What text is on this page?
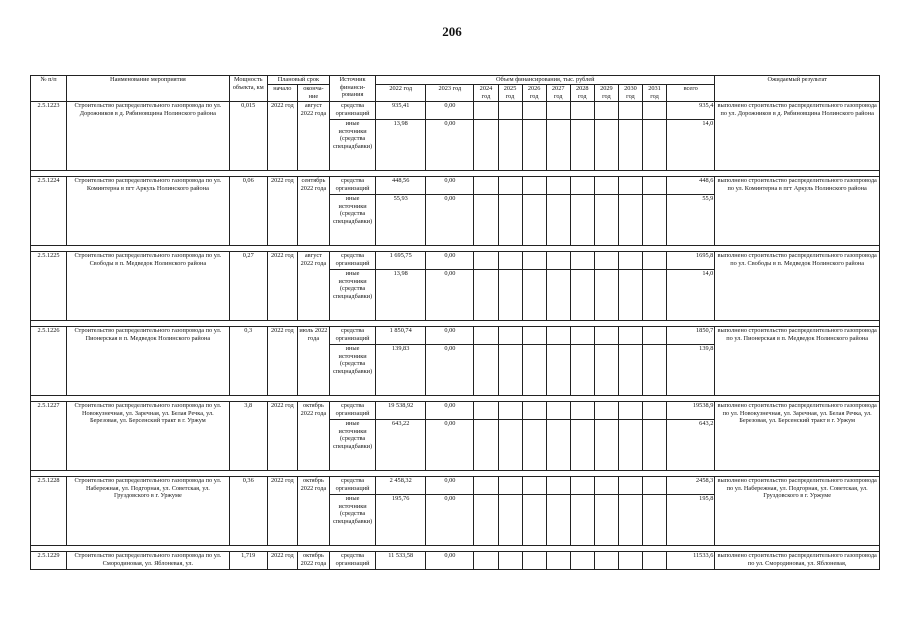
206
№ п/п	Наименование мероприятия	Мощность объекта, км	Плановый срок		Источник финанси-рования	Объем финансирования, тыс. рублей											Ожидаемый результат
			начало	оконча-ние		2022 год	2023 год	2024 год	2025 год	2026 год	2027 год	2028 год	2029 год	2030 год	2031 год	всего	
2.5.1223	Строительство распределительного газопровода по ул. Дорожников в д. Рябиновщина Нолинского района	0,015	2022 год	август 2022 года	средства организаций	935,41	0,00									935,4	выполнено строительство распределительного газопровода по ул. Дорожников в д. Рябиновщина Нолинского района
					иные источники (средства спецнадбавки)	13,98	0,00									14,0	

2.5.1224	Строительство распределительного газопровода по ул. Коминтерна в пгт Аркуль Нолинского района	0,06	2022 год	сентябрь 2022 года	средства организаций	448,56	0,00									448,6	выполнено строительство распределительного газопровода по ул. Коминтерна в пгт Аркуль Нолинского района
					иные источники (средства спецнадбавки)	55,93	0,00									55,9	

2.5.1225	Строительство распределительного газопровода по ул. Свободы в п. Медведок Нолинского района	0,27	2022 год	август 2022 года	средства организаций	1 695,75	0,00									1695,8	выполнено строительство распределительного газопровода по ул. Свободы в п. Медведок Нолинского района
					иные источники (средства спецнадбавки)	13,98	0,00									14,0	

2.5.1226	Строительство распределительного газопровода по ул. Пионерская в п. Медведок Нолинского района	0,3	2022 год	июль 2022 года	средства организаций	1 850,74	0,00									1850,7	выполнено строительство распределительного газопровода по ул. Пионерская в п. Медведок Нолинского района
					иные источники (средства спецнадбавки)	139,83	0,00									139,8	

2.5.1227	Строительство распределительного газопровода по ул. Новокузнечная, ул. Заречная, ул. Белая Речка, ул. Березовая, ул. Берсенский тракт в г. Уржум	3,8	2022 год	октябрь 2022 года	средства организаций	19 538,92	0,00									19538,9	выполнено строительство распределительного газопровода по ул. Новокузнечная, ул. Заречная, ул. Белая Речка, ул. Березовая, ул. Берсенский тракт в г. Уржум
					иные источники (средства спецнадбавки)	643,22	0,00									643,2	

2.5.1228	Строительство распределительного газопровода по ул. Набережная, ул. Подгорная, ул. Советская, ул. Груздовского в г. Уржуме	0,36	2022 год	октябрь 2022 года	средства организаций	2 458,32	0,00									2458,3	выполнено строительство распределительного газопровода по ул. Набережная, ул. Подгорная, ул. Советская, ул. Груздовского в г. Уржуме
					иные источники (средства спецнадбавки)	195,76	0,00									195,8	

2.5.1229	Строительство распределительного газопровода по ул. Смородиновая, ул. Яблоневая, ул.	1,719	2022 год	октябрь 2022 года	средства организаций	11 533,58	0,00									11533,6	выполнено строительство распределительного газопровода по ул. Смородиновая, ул. Яблоневая,
